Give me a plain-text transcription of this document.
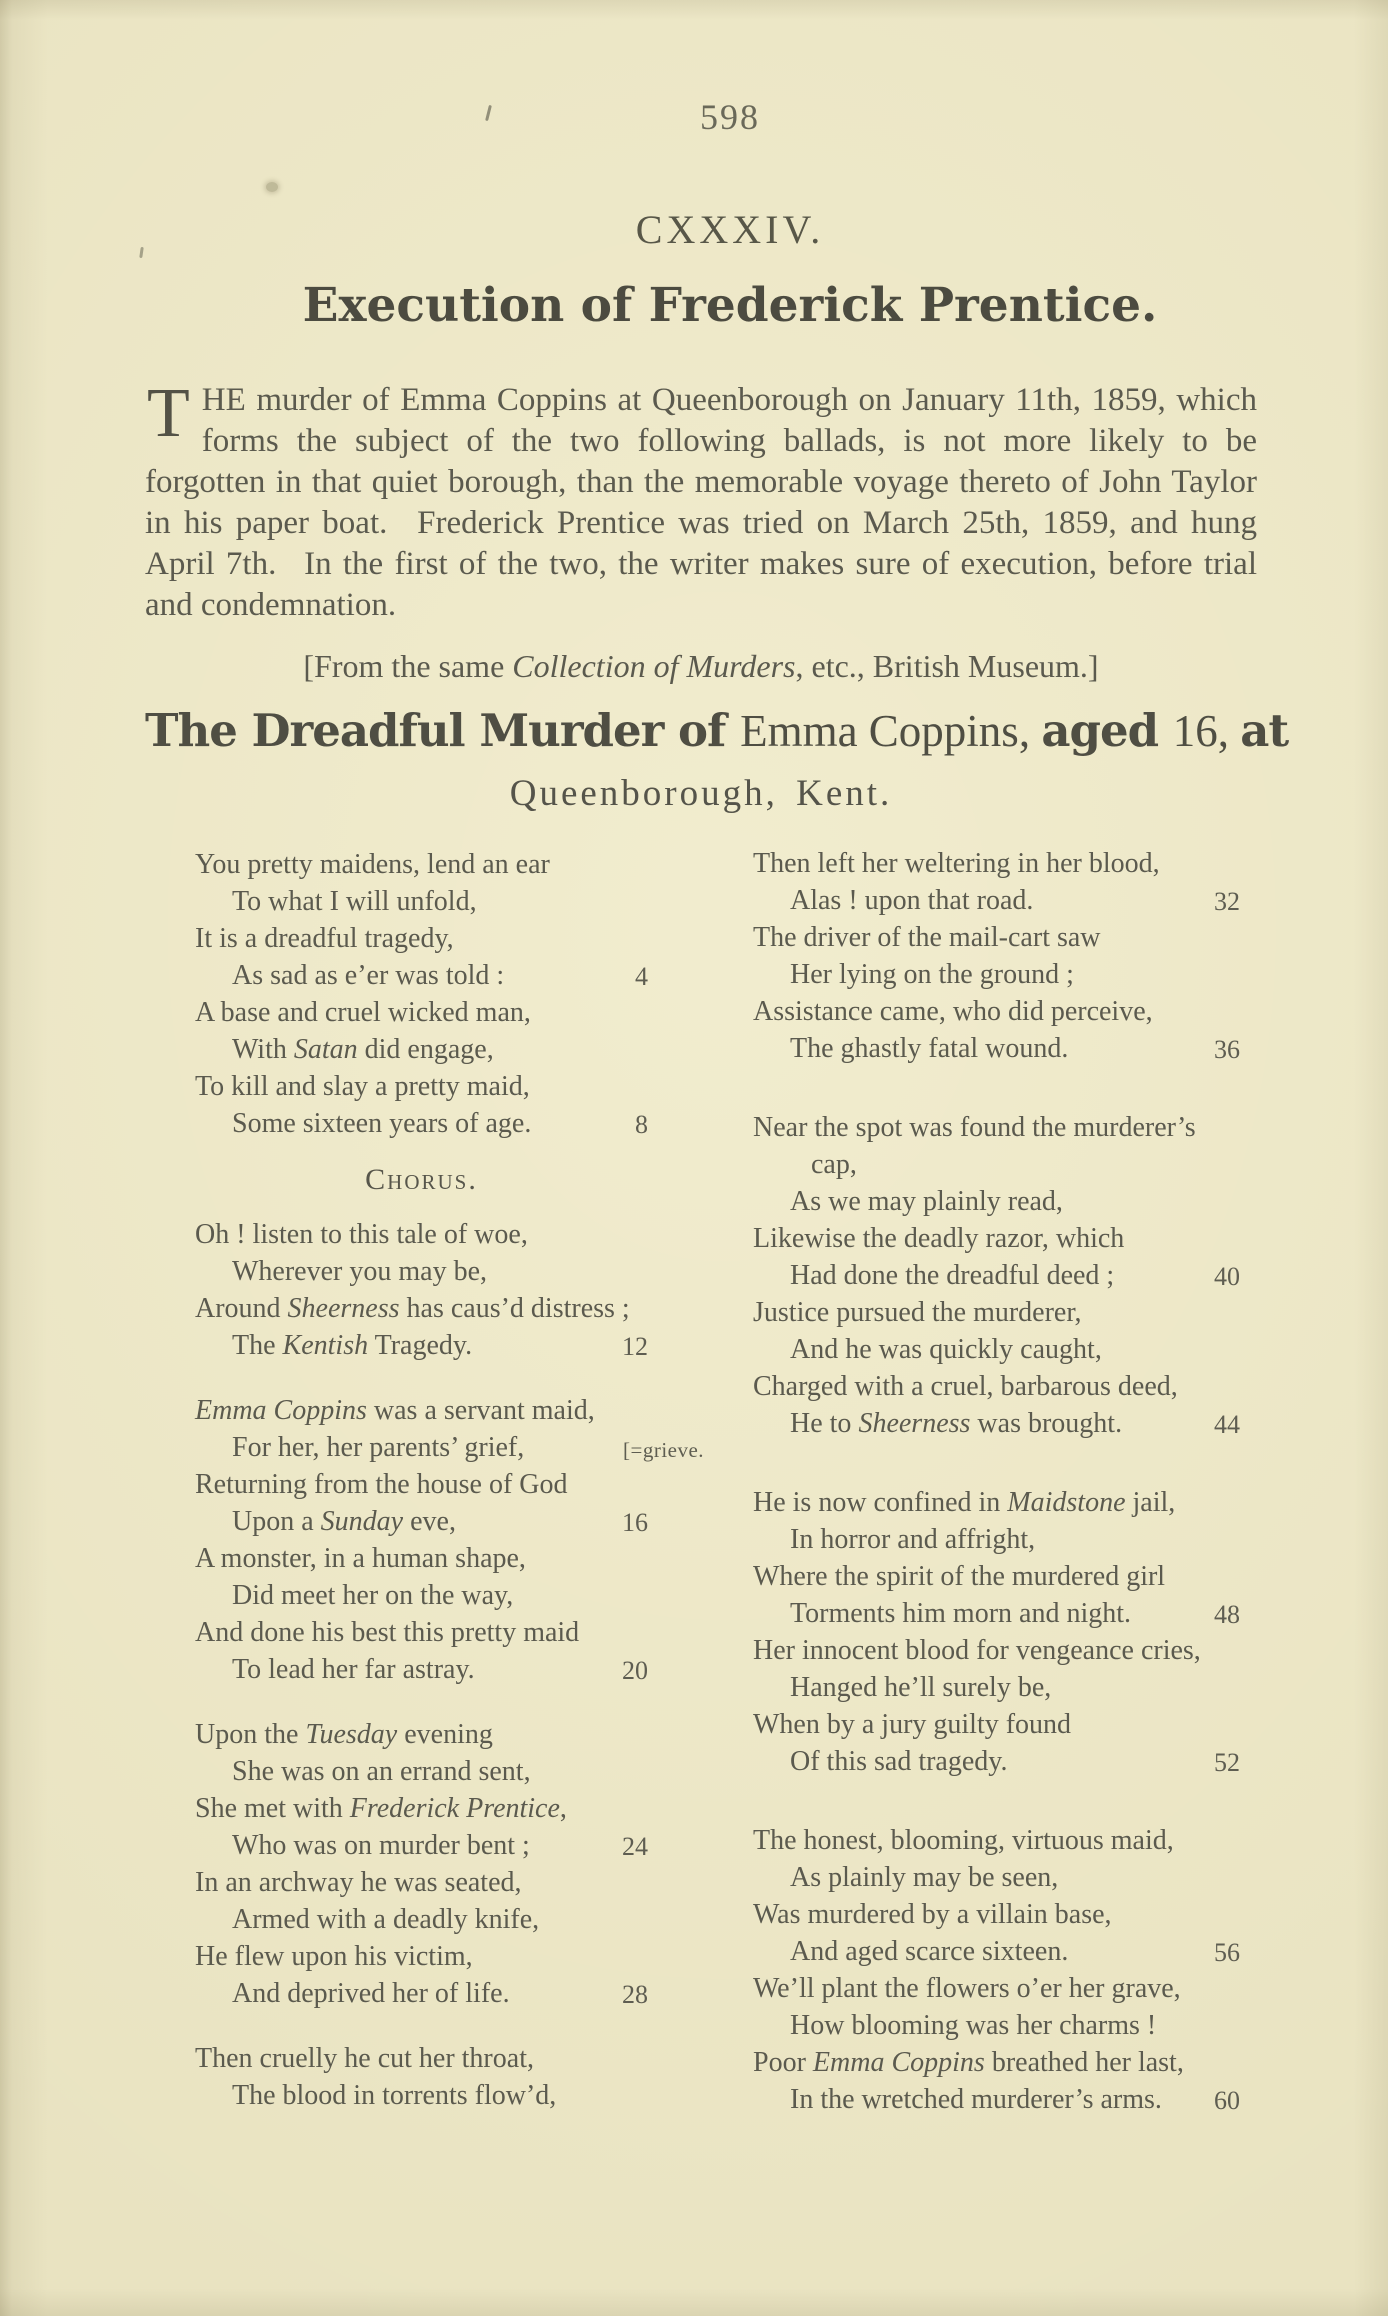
598
CXXXIV.
Execution of Frederick Prentice.

THE murder of Emma Coppins at Queenborough on January 11th, 1859, which forms the subject of the two following ballads, is not more likely to be forgotten in that quiet borough, than the memorable voyage thereto of John Taylor in his paper boat.  Frederick Prentice was tried on March 25th, 1859, and hung April 7th.  In the first of the two, the writer makes sure of execution, before trial and condemnation.

[From the same Collection of Murders, etc., British Museum.]
The Dreadful Murder of Emma Coppins, aged 16, at
Queenborough, Kent.
You pretty maidens, lend an ear
To what I will unfold,
It is a dreadful tragedy,
As sad as e’er was told :	4
A base and cruel wicked man,
With Satan did engage,
To kill and slay a pretty maid,
Some sixteen years of age.	8
Chorus.
Oh ! listen to this tale of woe,
Wherever you may be,
Around Sheerness has caus’d distress ;
The Kentish Tragedy.	12
Emma Coppins was a servant maid,
For her, her parents’ grief,	[=grieve.
Returning from the house of God
Upon a Sunday eve,	16
A monster, in a human shape,
Did meet her on the way,
And done his best this pretty maid
To lead her far astray.	20
Upon the Tuesday evening
She was on an errand sent,
She met with Frederick Prentice,
Who was on murder bent ;	24
In an archway he was seated,
Armed with a deadly knife,
He flew upon his victim,
And deprived her of life.	28
Then cruelly he cut her throat,
The blood in torrents flow’d,
Then left her weltering in her blood,
Alas ! upon that road.	32
The driver of the mail-cart saw
Her lying on the ground ;
Assistance came, who did perceive,
The ghastly fatal wound.	36
Near the spot was found the murderer’s
cap,
As we may plainly read,
Likewise the deadly razor, which
Had done the dreadful deed ;	40
Justice pursued the murderer,
And he was quickly caught,
Charged with a cruel, barbarous deed,
He to Sheerness was brought.	44
He is now confined in Maidstone jail,
In horror and affright,
Where the spirit of the murdered girl
Torments him morn and night.	48
Her innocent blood for vengeance cries,
Hanged he’ll surely be,
When by a jury guilty found
Of this sad tragedy.	52
The honest, blooming, virtuous maid,
As plainly may be seen,
Was murdered by a villain base,
And aged scarce sixteen.	56
We’ll plant the flowers o’er her grave,
How blooming was her charms !
Poor Emma Coppins breathed her last,
In the wretched murderer’s arms. 60
